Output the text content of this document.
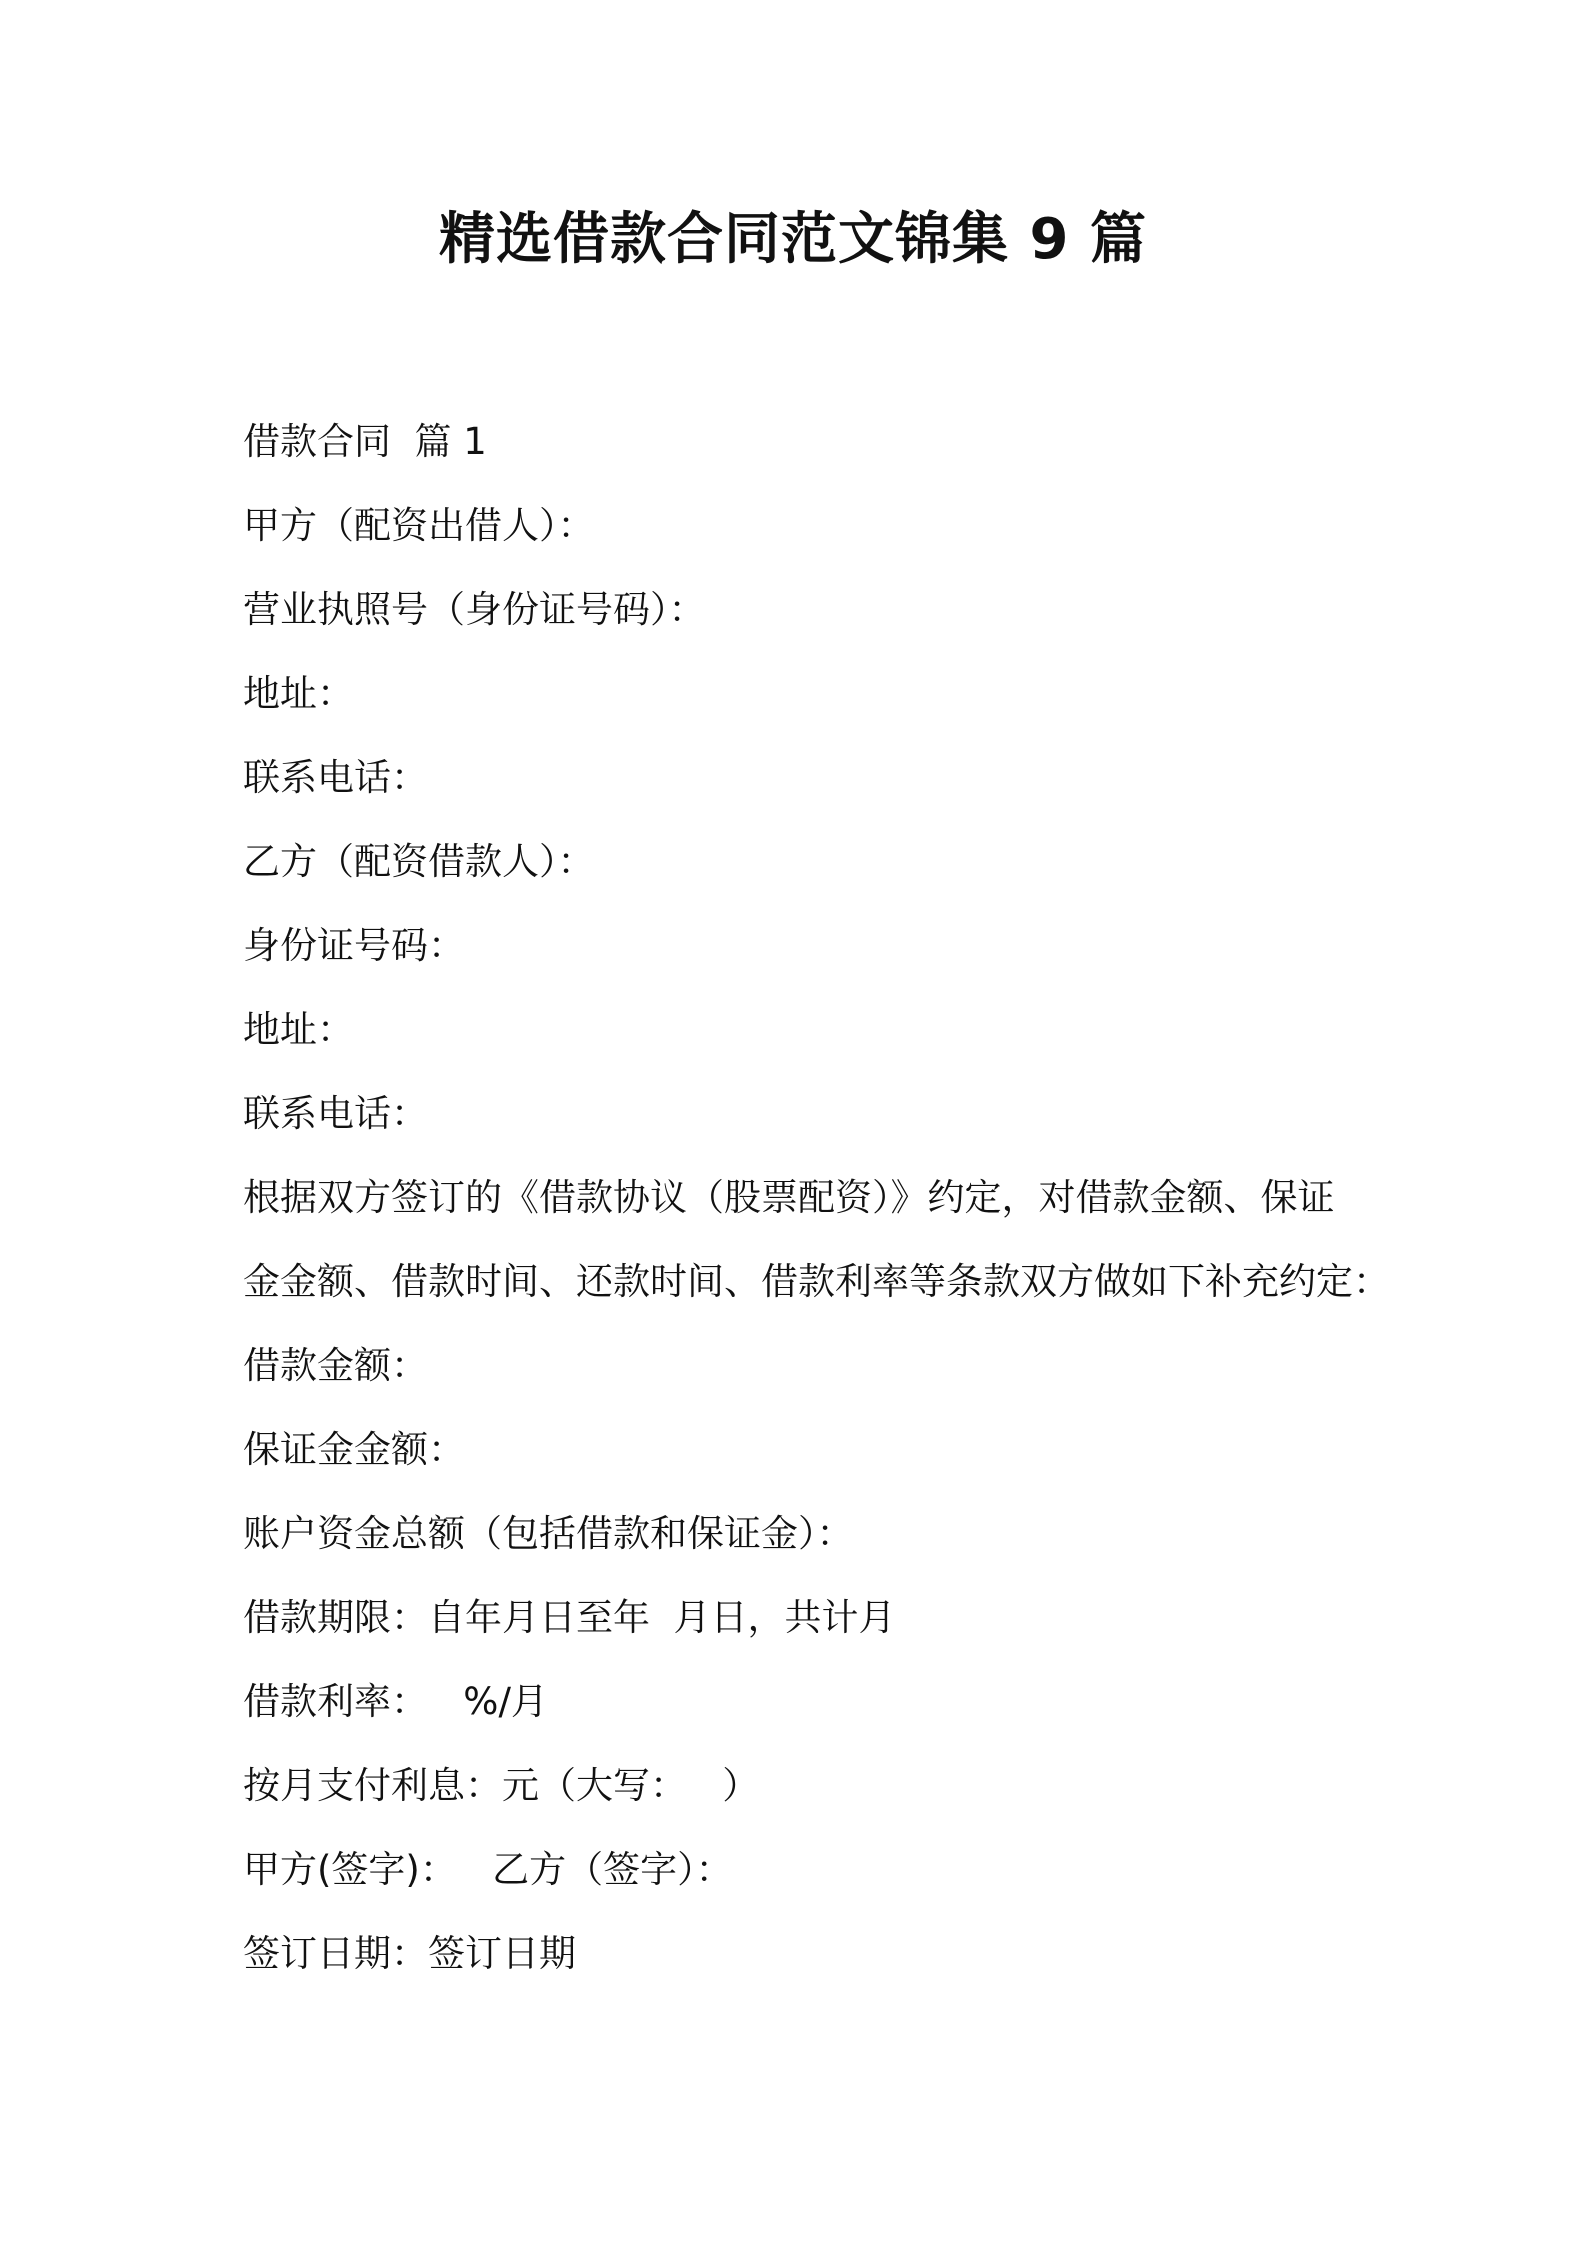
精选借款合同范文锦集 9 篇

借款合同  篇 1

甲方（配资出借人）：

营业执照号（身份证号码）：

地址：

联系电话：

乙方（配资借款人）：

身份证号码：

地址：

联系电话：

根据双方签订的《借款协议（股票配资）》约定，对借款金额、保证

金金额、借款时间、还款时间、借款利率等条款双方做如下补充约定：

借款金额：

保证金金额：

账户资金总额（包括借款和保证金）：

借款期限：自年月日至年  月日，共计月

借款利率：   %/月

按月支付利息：元（大写：   ）

甲方(签字)：   乙方（签字）：

签订日期：签订日期
